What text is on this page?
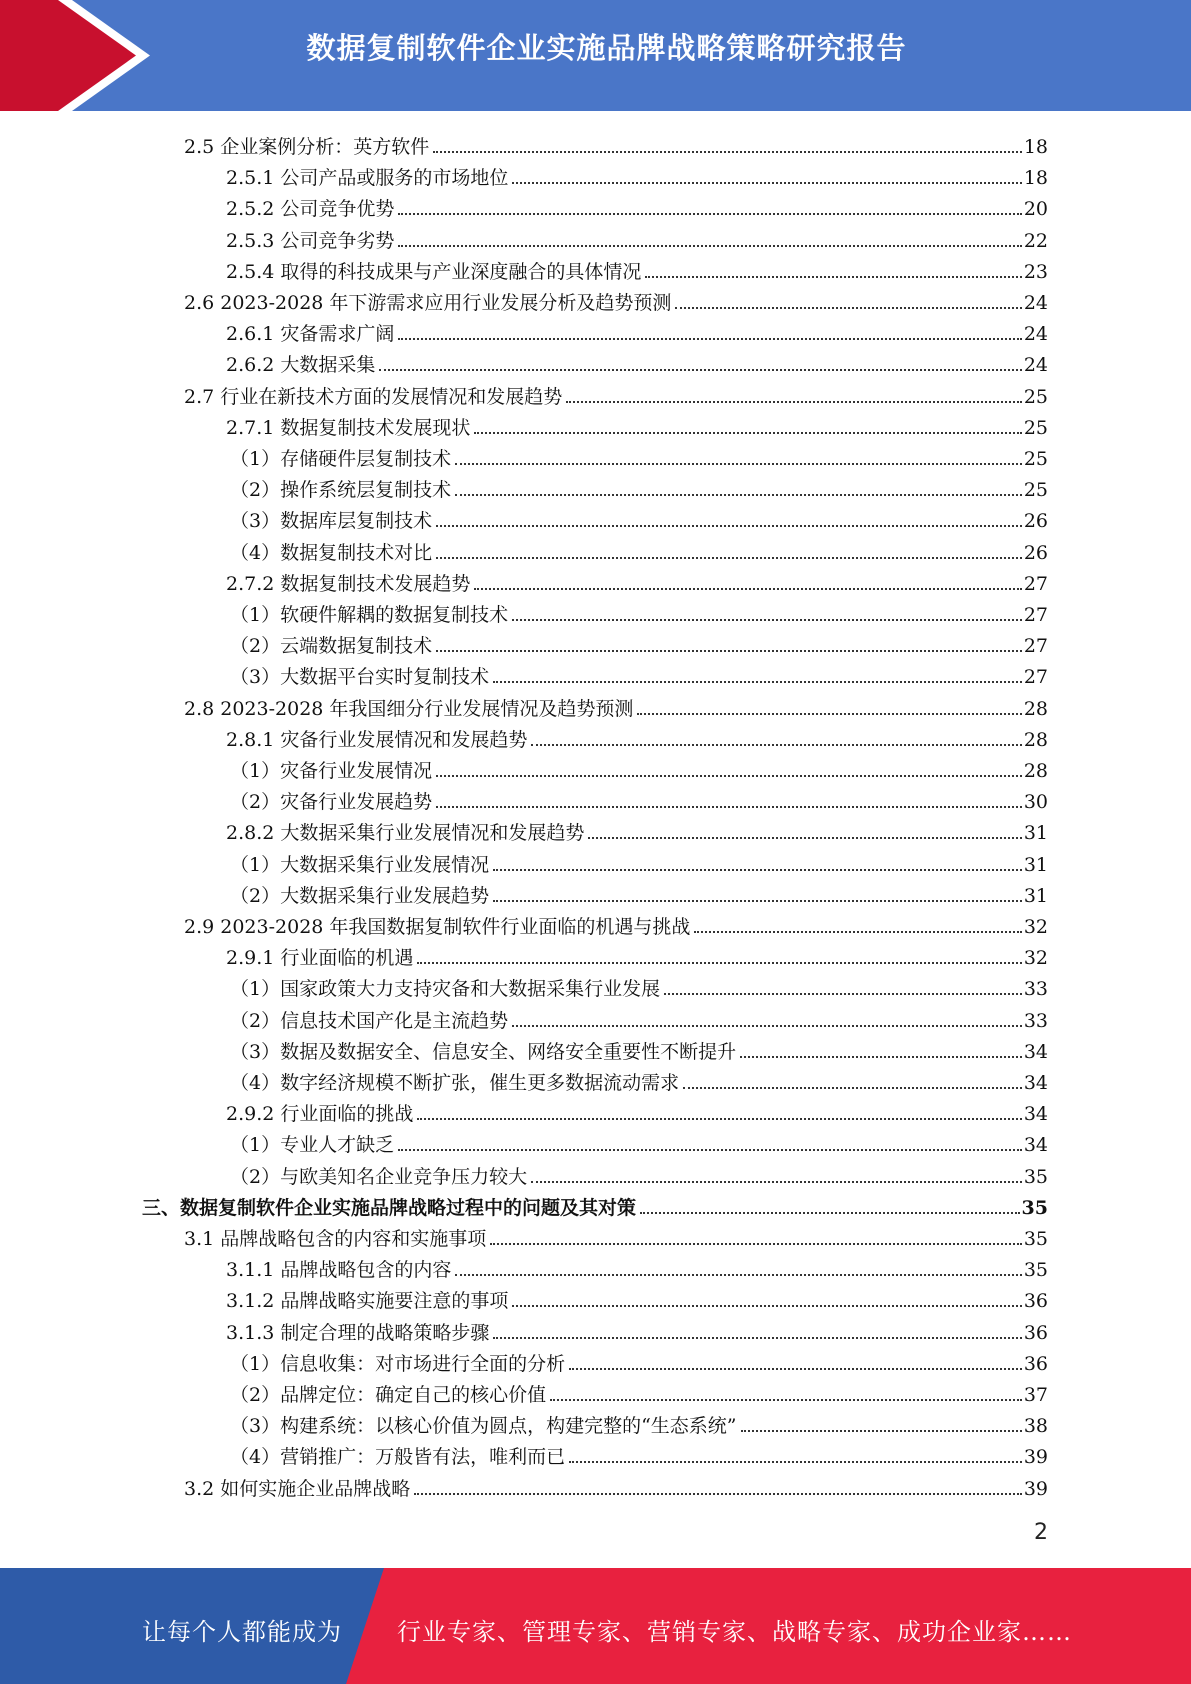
数据复制软件企业实施品牌战略策略研究报告
2.5 企业案例分析：英方软件	18
2.5.1 公司产品或服务的市场地位	18
2.5.2 公司竞争优势	20
2.5.3 公司竞争劣势	22
2.5.4 取得的科技成果与产业深度融合的具体情况	23
2.6 2023-2028 年下游需求应用行业发展分析及趋势预测	24
2.6.1 灾备需求广阔	24
2.6.2 大数据采集	24
2.7 行业在新技术方面的发展情况和发展趋势	25
2.7.1 数据复制技术发展现状	25
（1）存储硬件层复制技术	25
（2）操作系统层复制技术	25
（3）数据库层复制技术	26
（4）数据复制技术对比	26
2.7.2 数据复制技术发展趋势	27
（1）软硬件解耦的数据复制技术	27
（2）云端数据复制技术	27
（3）大数据平台实时复制技术	27
2.8 2023-2028 年我国细分行业发展情况及趋势预测	28
2.8.1 灾备行业发展情况和发展趋势	28
（1）灾备行业发展情况	28
（2）灾备行业发展趋势	30
2.8.2 大数据采集行业发展情况和发展趋势	31
（1）大数据采集行业发展情况	31
（2）大数据采集行业发展趋势	31
2.9 2023-2028 年我国数据复制软件行业面临的机遇与挑战	32
2.9.1 行业面临的机遇	32
（1）国家政策大力支持灾备和大数据采集行业发展	33
（2）信息技术国产化是主流趋势	33
（3）数据及数据安全、信息安全、网络安全重要性不断提升	34
（4）数字经济规模不断扩张，催生更多数据流动需求	34
2.9.2 行业面临的挑战	34
（1）专业人才缺乏	34
（2）与欧美知名企业竞争压力较大	35
三、数据复制软件企业实施品牌战略过程中的问题及其对策	35
3.1 品牌战略包含的内容和实施事项	35
3.1.1 品牌战略包含的内容	35
3.1.2 品牌战略实施要注意的事项	36
3.1.3 制定合理的战略策略步骤	36
（1）信息收集：对市场进行全面的分析	36
（2）品牌定位：确定自己的核心价值	37
（3）构建系统：以核心价值为圆点，构建完整的“生态系统”	38
（4）营销推广：万般皆有法，唯利而已	39
3.2 如何实施企业品牌战略	39
2
让每个人都能成为 行业专家、管理专家、营销专家、战略专家、成功企业家……
